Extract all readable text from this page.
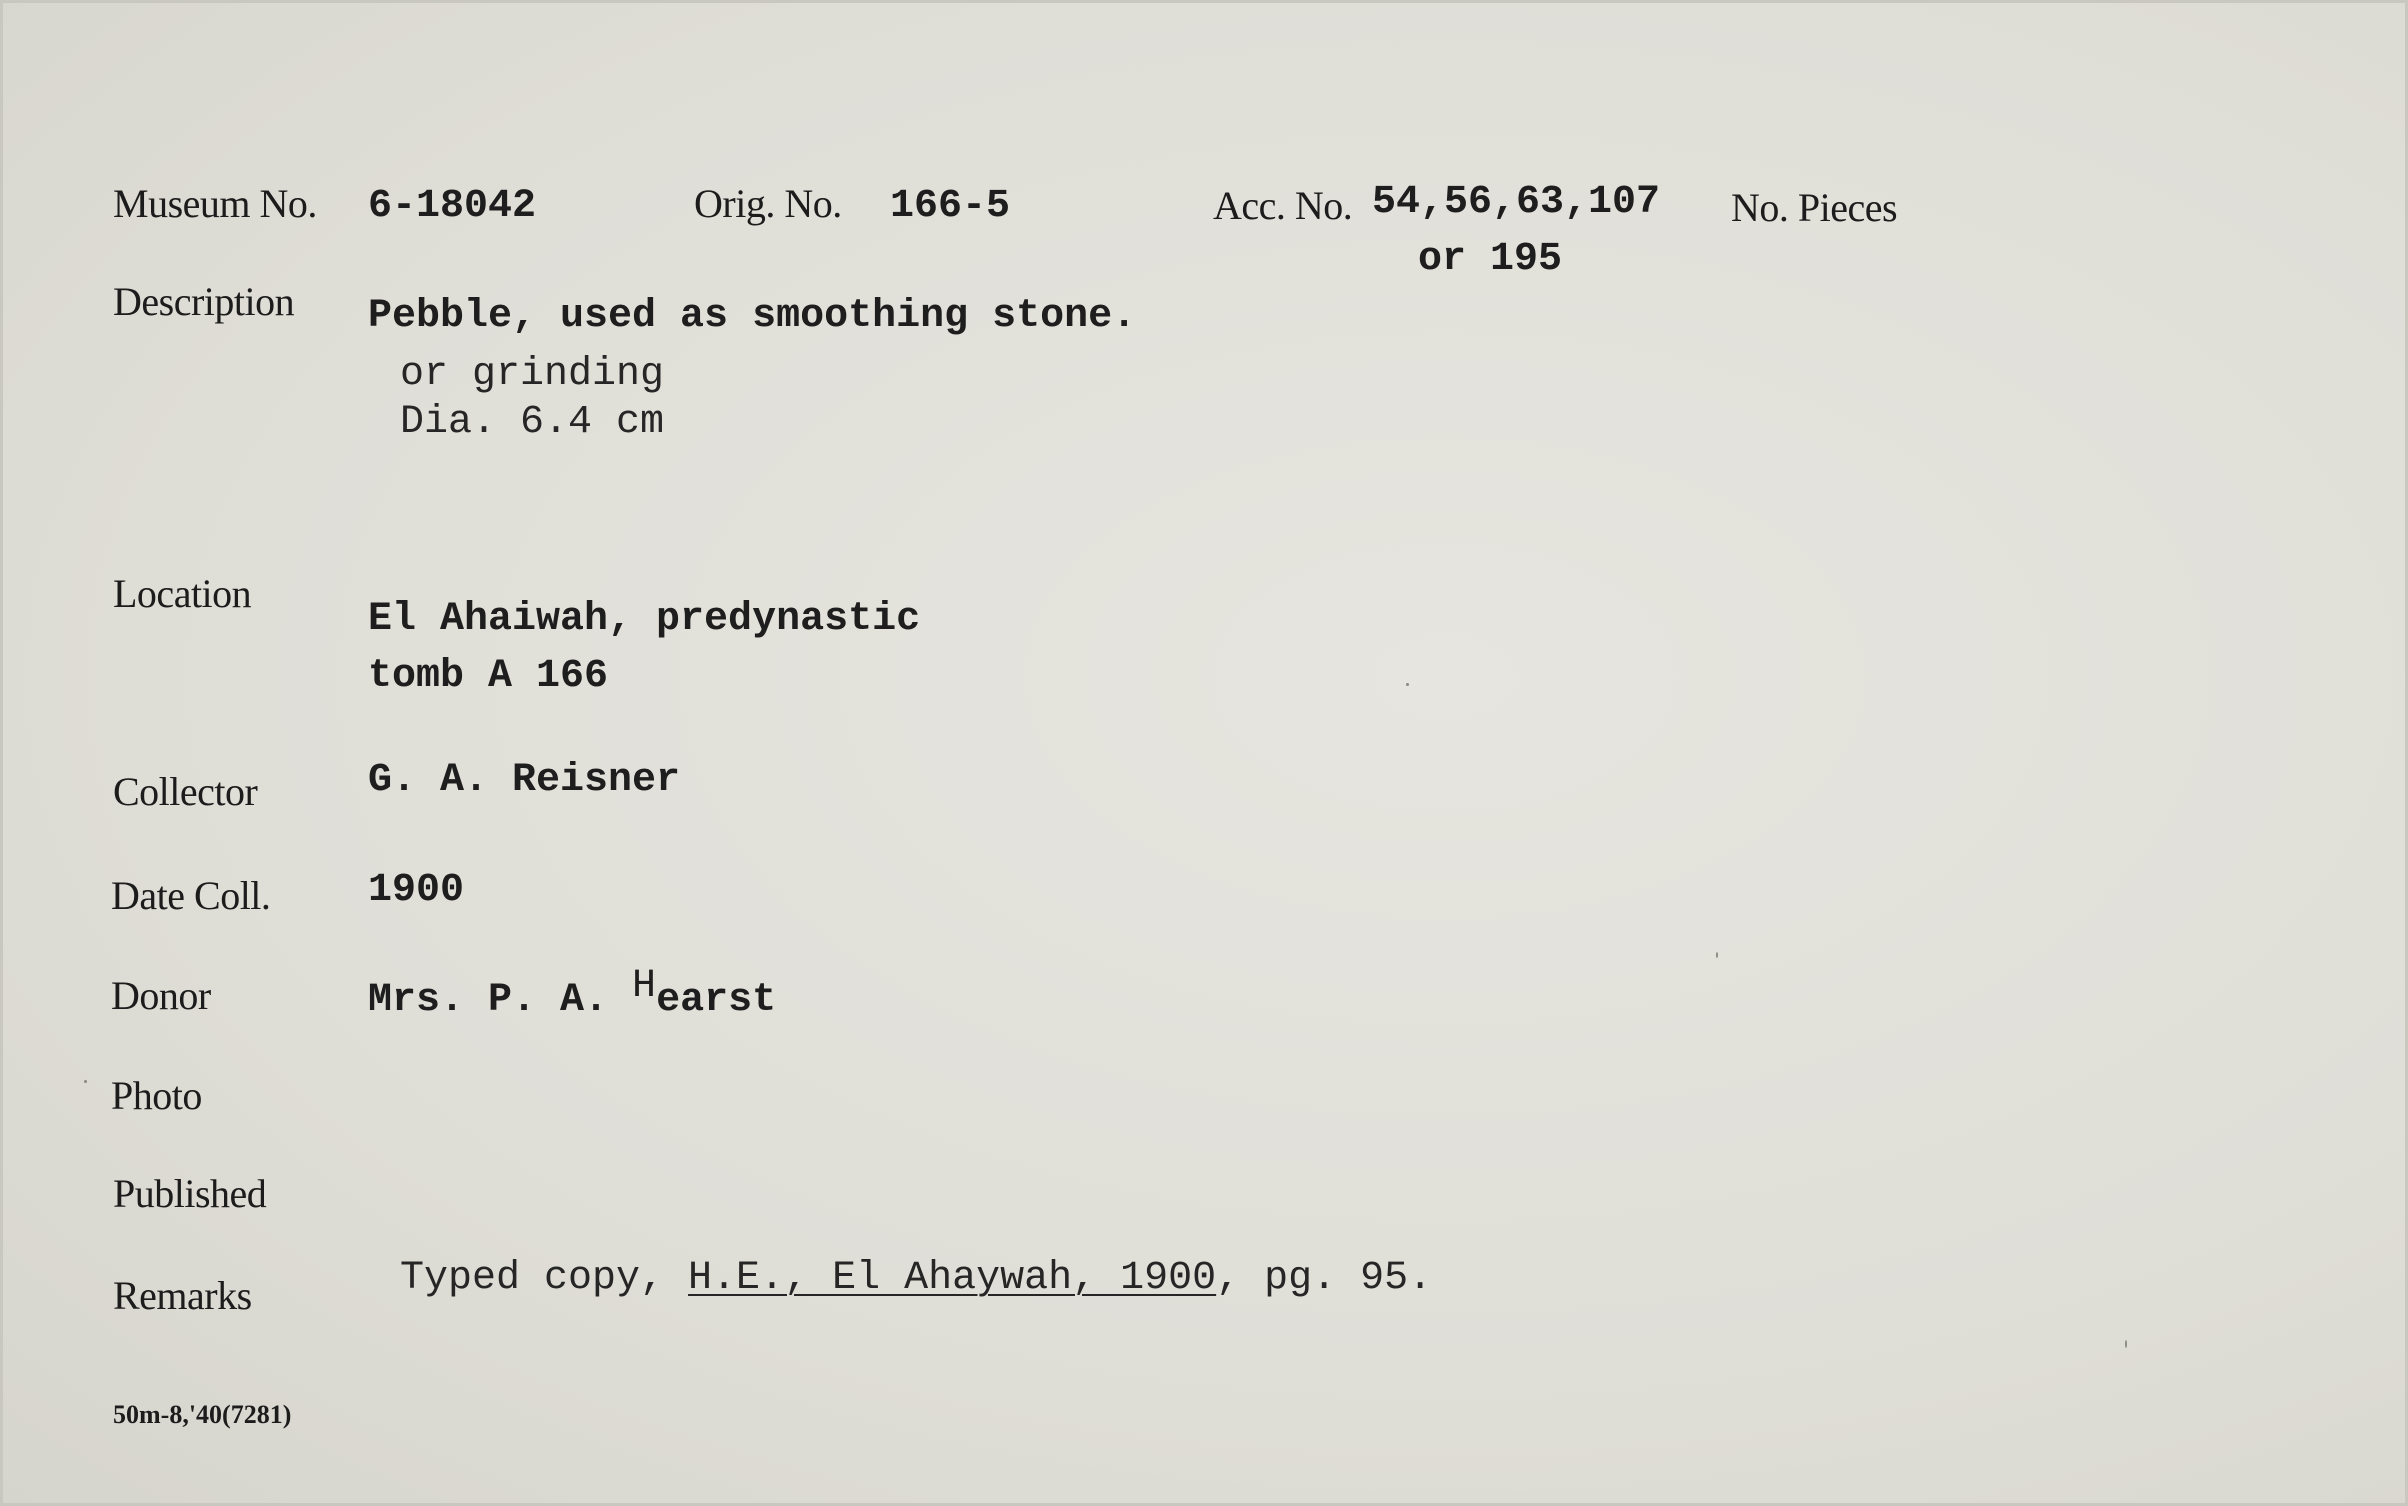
Museum No. 6-18042	Orig. No. 166-5	Acc. No. 54,56,63,107
or 195
No. Pieces
Description Pebble, used as smoothing stone.
or grinding
Dia. 6.4 cm
Location
El Ahaiwah, predynastic
tomb A 166
Collector	G. A. Reisner
Date Coll. 1900
Donor	Mrs. P. A. Hearst
Photo
Published
Remarks	Typed copy, H.E., El Ahaywah, 1900, pg. 95.
50m-8,'40(7281)
